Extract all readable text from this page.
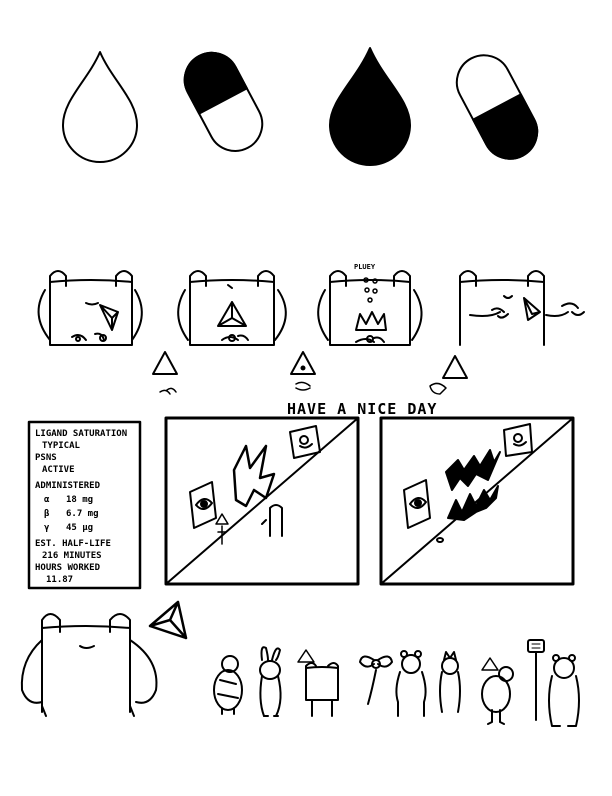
PLUEY
HAVE A NICE DAY
LIGAND SATURATION
TYPICAL
PSNS
ACTIVE
ADMINISTERED
α 18 mg
β 6.7 mg
γ 45 µg
EST. HALF-LIFE
216 MINUTES
HOURS WORKED
11.87
